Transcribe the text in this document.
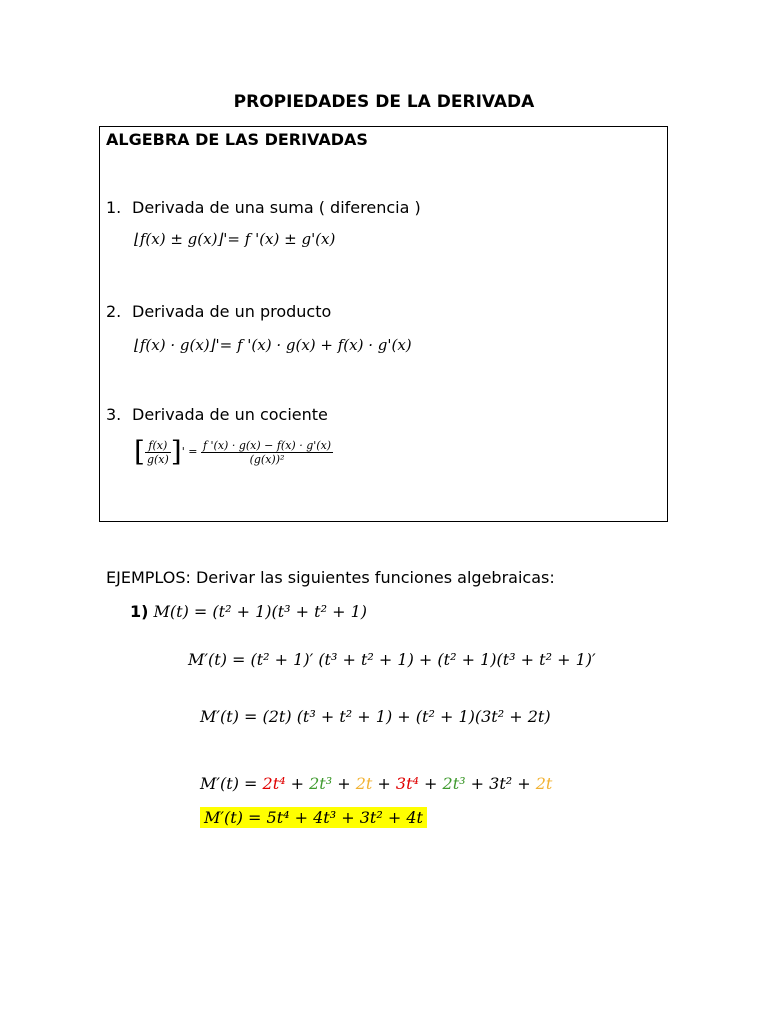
PROPIEDADES DE LA DERIVADA
ALGEBRA DE LAS DERIVADAS
1. Derivada de una suma ( diferencia )
⌊f(x) ± g(x)⌋'= f '(x) ± g'(x)
2. Derivada de un producto
⌊f(x) · g(x)⌋'= f '(x) · g(x) + f(x) · g'(x)
3. Derivada de un cociente
[ $\frac{f(x)}{g(x)}$ ]' = $\frac{f '(x) \cdot g(x) - f(x) \cdot g'(x)}{\text{(g(x))²}}$
EJEMPLOS: Derivar las siguientes funciones algebraicas:
1) M(t) = (t² + 1)(t³ + t² + 1)
M′(t) = (t² + 1)′ (t³ + t² + 1) + (t² + 1)(t³ + t² + 1)′
M′(t) = (2t) (t³ + t² + 1) + (t² + 1)(3t² + 2t)
M′(t) = 2t⁴ + 2t³ + 2t + 3t⁴ + 2t³ + 3t² + 2t
M′(t) = 5t⁴ + 4t³ + 3t² + 4t
